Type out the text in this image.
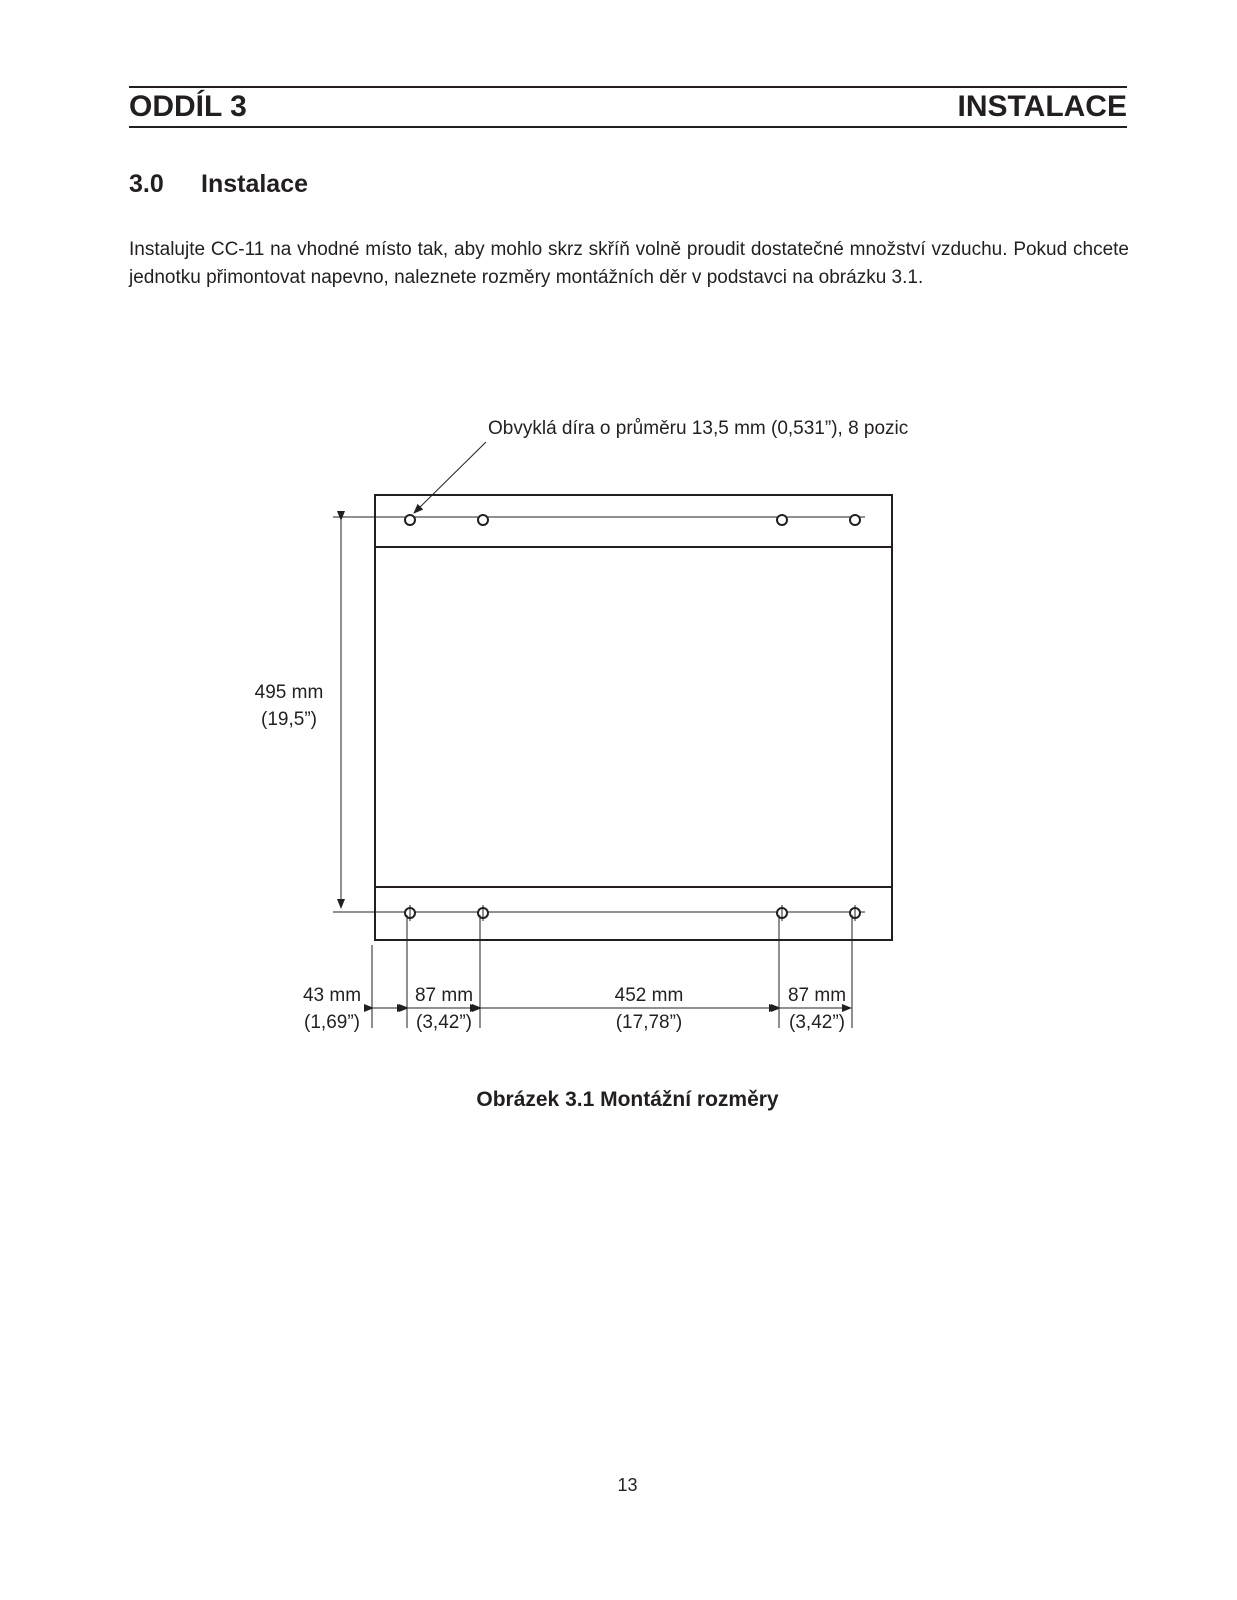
ODDÍL 3	INSTALACE
3.0 Instalace
Instalujte CC-11 na vhodné místo tak, aby mohlo skrz skříň volně proudit dostatečné množství vzduchu. Pokud chcete jednotku přimontovat napevno, naleznete rozměry montážních děr v podstavci na obrázku 3.1.
495 mm
(19,5”)
Obvyklá díra o průměru 13,5 mm (0,531”), 8 pozic
43 mm
(1,69”)
87 mm
(3,42”)
452 mm
(17,78”)
87 mm
(3,42”)
Obrázek 3.1 Montážní rozměry
13
